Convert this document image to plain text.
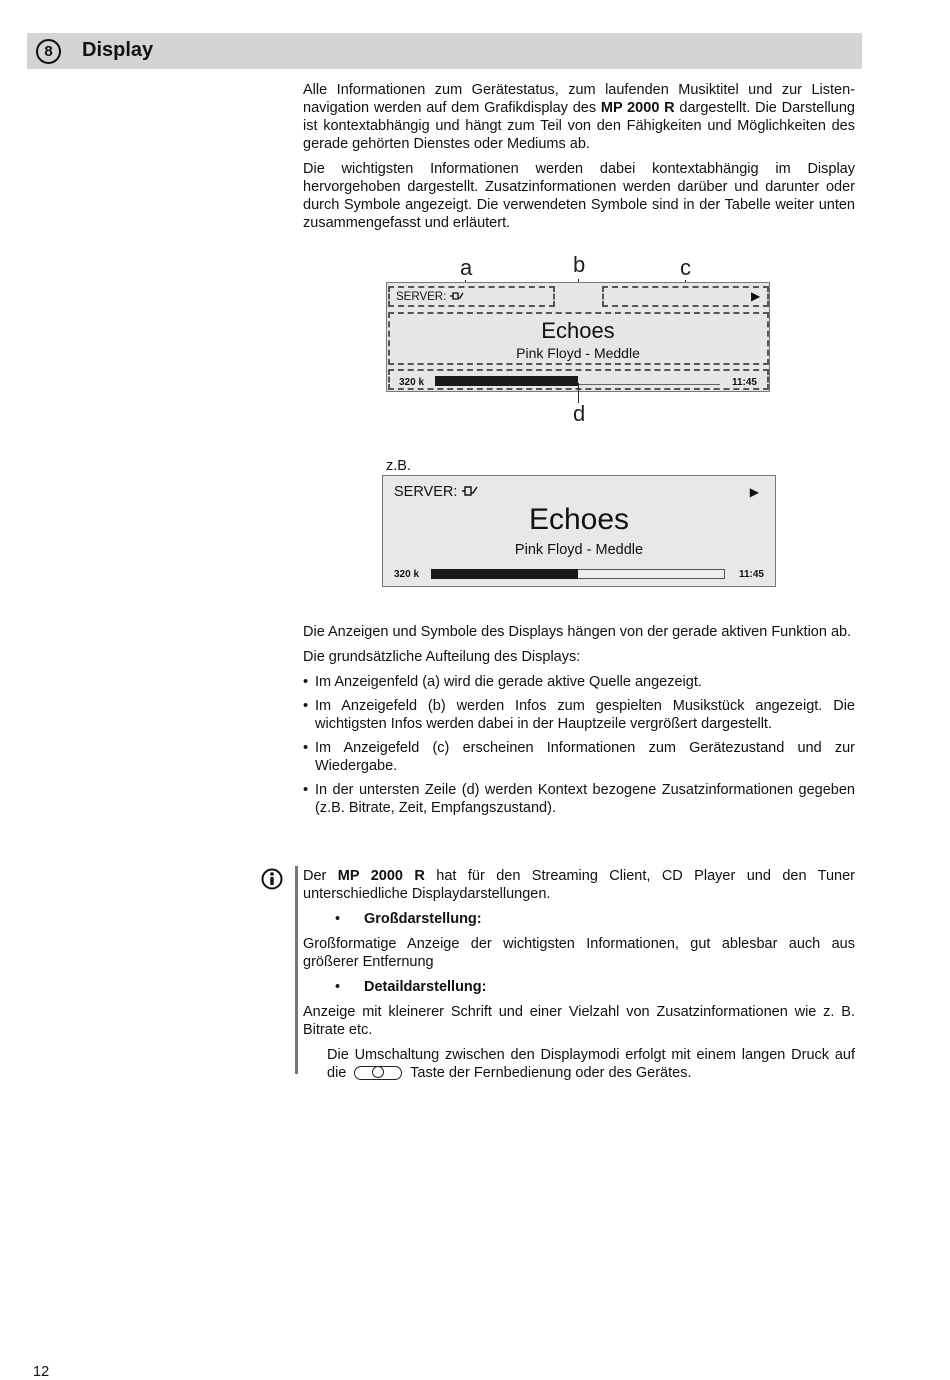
8	Display

Alle Informationen zum Gerätestatus, zum laufenden Musiktitel und zur Listen-navigation werden auf dem Grafikdisplay des MP 2000 R dargestellt. Die Darstellung ist kontextabhängig und hängt zum Teil von den Fähigkeiten und Möglichkeiten des gerade gehörten Dienstes oder Mediums ab.

Die wichtigsten Informationen werden dabei kontextabhängig im Display hervorgehoben dargestellt. Zusatzinformationen werden darüber und darunter oder durch Symbole angezeigt. Die verwendeten Symbole sind in der Tabelle weiter unten zusammengefasst und erläutert.

a	b	c
SERVER:	▶
Echoes
Pink Floyd - Meddle
320 k	11:45
d
z.B.
SERVER:	▶
Echoes
Pink Floyd - Meddle
320 k	11:45

Die Anzeigen und Symbole des Displays hängen von der gerade aktiven Funktion ab.

Die grundsätzliche Aufteilung des Displays:

• Im Anzeigenfeld (a) wird die gerade aktive Quelle angezeigt.
• Im Anzeigefeld (b) werden Infos zum gespielten Musikstück angezeigt. Die wichtigsten Infos werden dabei in der Hauptzeile vergrößert dargestellt.
• Im Anzeigefeld (c) erscheinen Informationen zum Gerätezustand und zur Wiedergabe.
• In der untersten Zeile (d) werden Kontext bezogene Zusatzinformationen gegeben (z.B. Bitrate, Zeit, Empfangszustand).

Der MP 2000 R hat für den Streaming Client, CD Player und den Tuner unterschiedliche Displaydarstellungen.

• Großdarstellung:

Großformatige Anzeige der wichtigsten Informationen, gut ablesbar auch aus größerer Entfernung

• Detaildarstellung:

Anzeige mit kleinerer Schrift und einer Vielzahl von Zusatzinformationen wie z. B. Bitrate etc.

Die Umschaltung zwischen den Displaymodi erfolgt mit einem langen Druck auf die	Taste der Fernbedienung oder des Gerätes.

12
